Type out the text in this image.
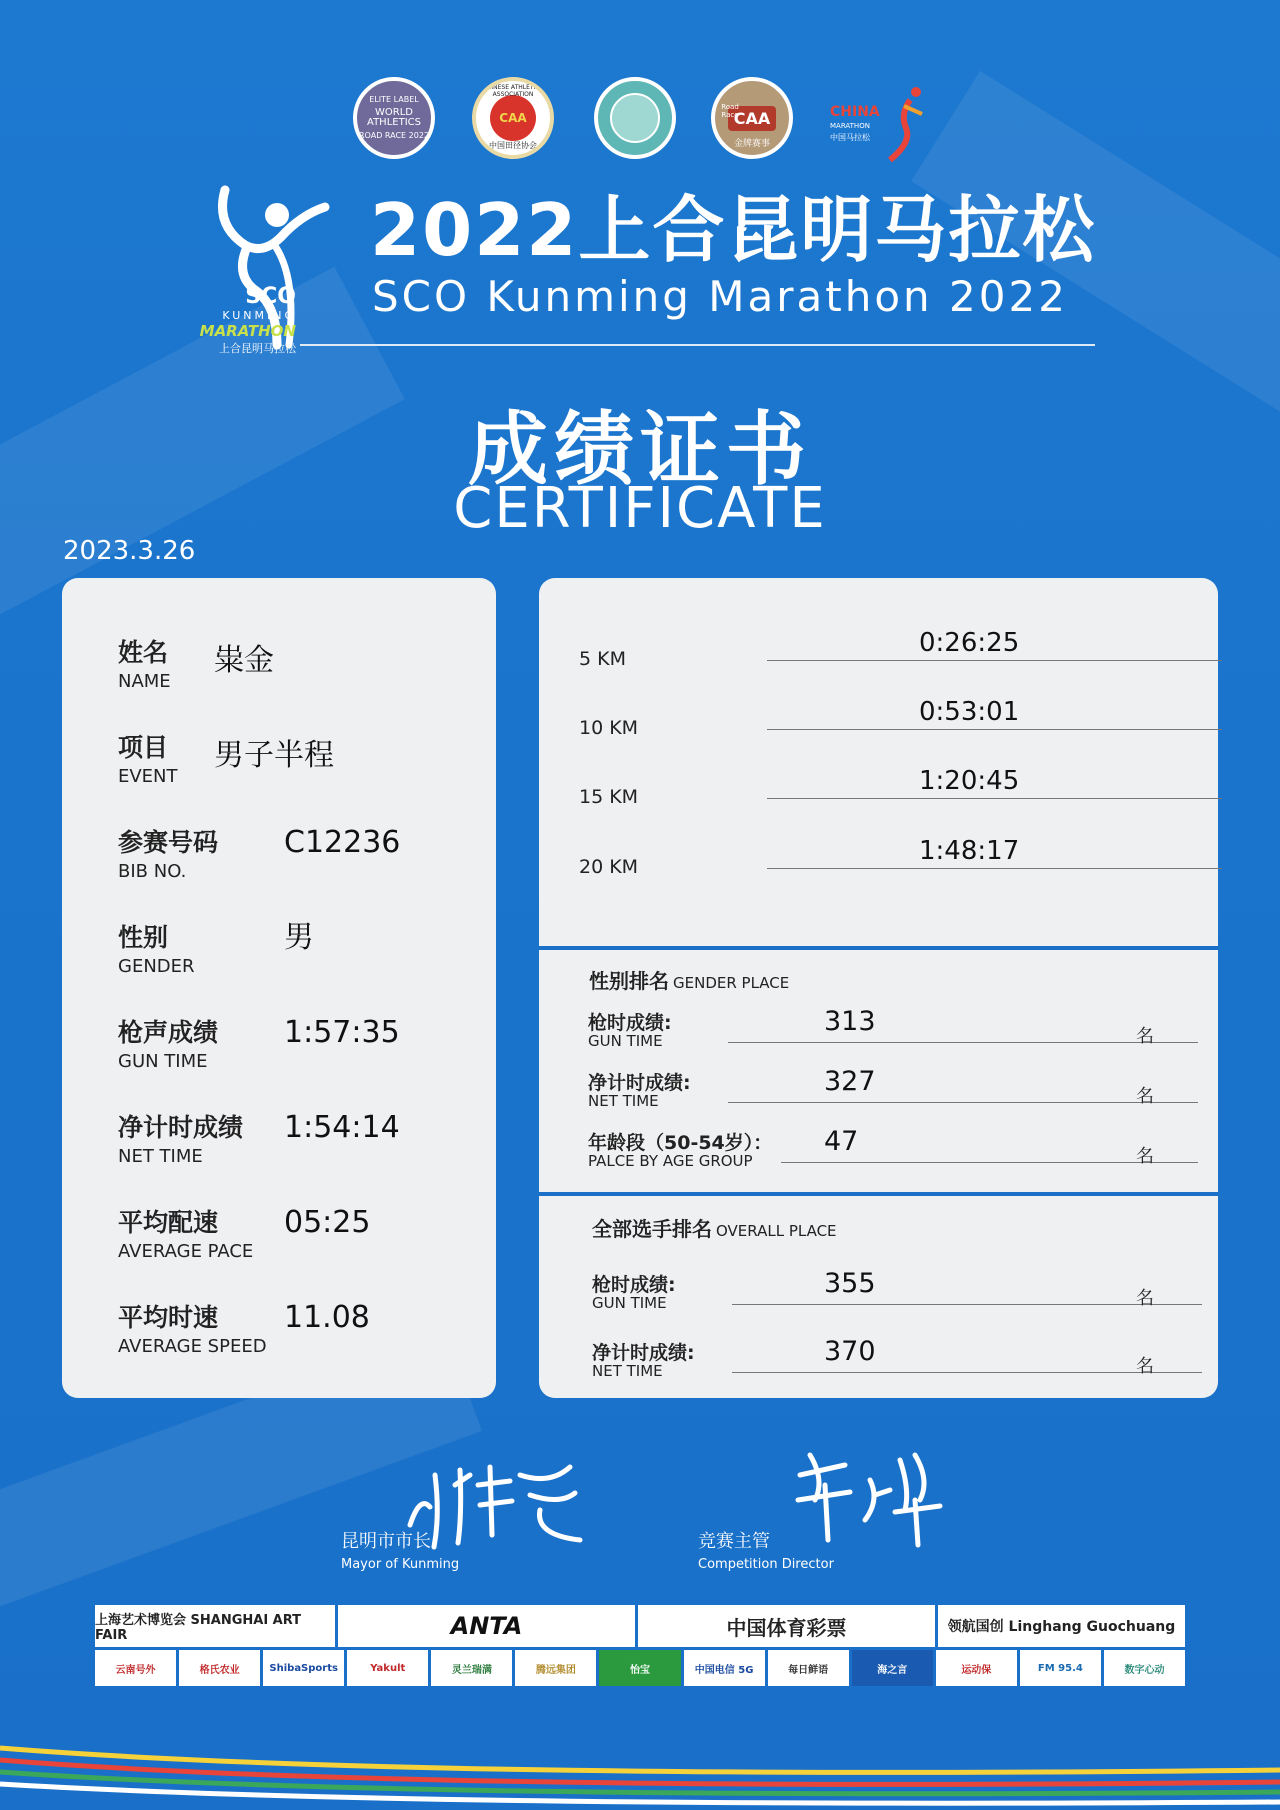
ELITE LABEL
WORLD ATHLETICS
ROAD RACE 2022
CHINESE ATHLETICS ASSOCIATION
CAA
中国田径协会
Road Race
CAA
金牌赛事
CHINA
MARATHON
中国马拉松
SCO
KUNMING
MARATHON
上合昆明马拉松
2022上合昆明马拉松
SCO Kunming Marathon 2022
成绩证书
CERTIFICATE
2023.3.26
姓名
NAME
粜金
项目
EVENT
男子半程
参赛号码
BIB NO.
C12236
性别
GENDER
男
枪声成绩
GUN TIME
1:57:35
净计时成绩
NET TIME
1:54:14
平均配速
AVERAGE PACE
05:25
平均时速
AVERAGE SPEED
11.08
5 KM
0:26:25
10 KM
0:53:01
15 KM
1:20:45
20 KM
1:48:17
性别排名 GENDER PLACE
枪时成绩:
GUN TIME
313	名
净计时成绩:
NET TIME
327	名
年龄段（50-54岁）：
PALCE BY AGE GROUP
47	名
全部选手排名 OVERALL PLACE
枪时成绩:
GUN TIME
355	名
净计时成绩:
NET TIME
370	名
昆明市市长
Mayor of Kunming
竞赛主管
Competition Director
上海艺术博览会 SHANGHAI ART FAIR	ANTA	中国体育彩票	领航国创 Linghang Guochuang
云南号外	格氏农业	ShibaSports	Yakult	灵兰瑞满	腾远集团	怡宝	中国电信 5G	每日鲜语	海之言	运动保	FM 95.4	数字心动
